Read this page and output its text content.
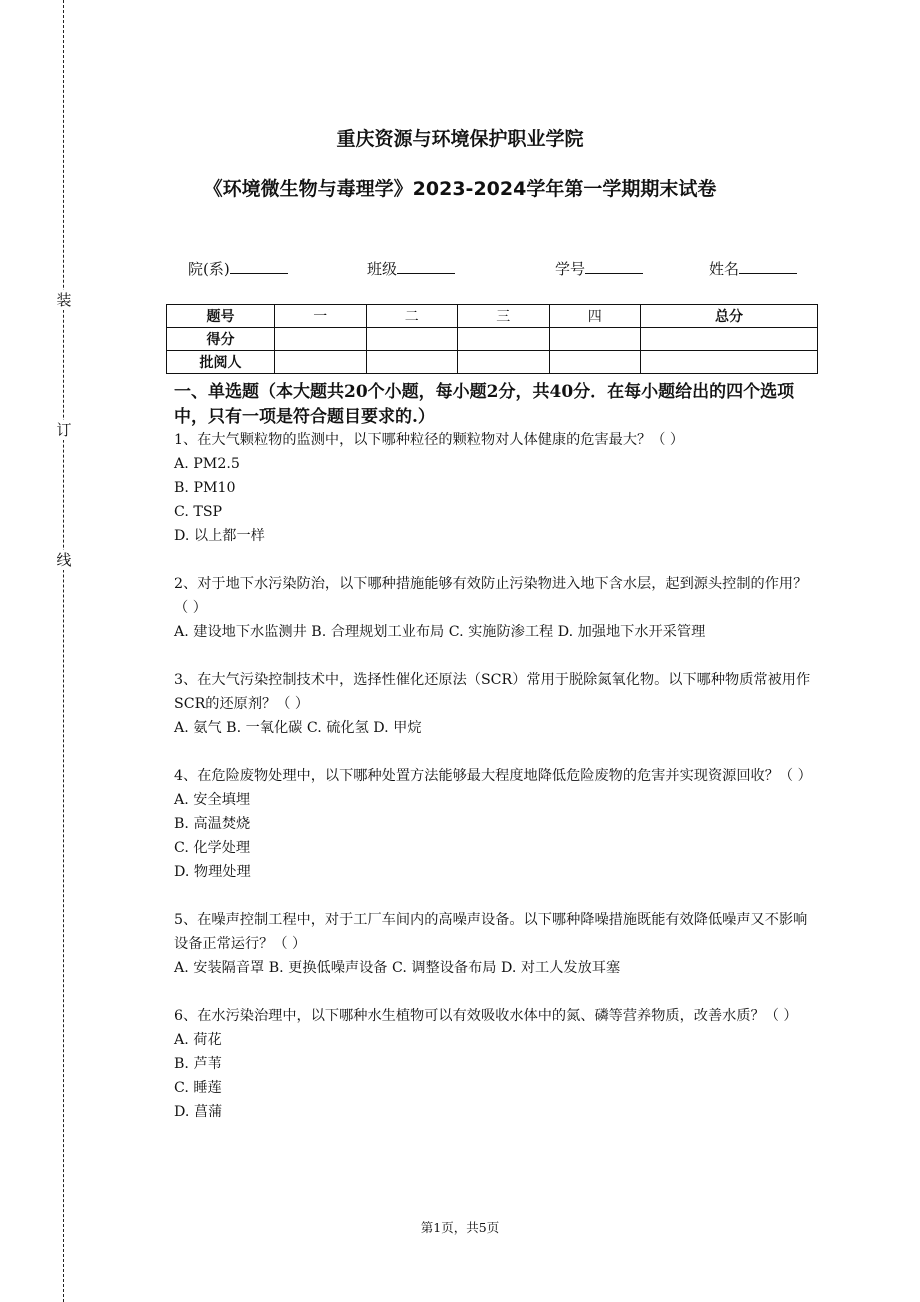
装
订
线
重庆资源与环境保护职业学院
《环境微生物与毒理学》2023-2024学年第一学期期末试卷
院(系)	班级	学号	姓名
题号	一	二	三	四	总分
得分					
批阅人					
一、单选题（本大题共20个小题，每小题2分，共40分．在每小题给出的四个选项中，只有一项是符合题目要求的.）
1、在大气颗粒物的监测中，以下哪种粒径的颗粒物对人体健康的危害最大？（ ）
A. PM2.5
B. PM10
C. TSP
D. 以上都一样
2、对于地下水污染防治，以下哪种措施能够有效防止污染物进入地下含水层，起到源头控制的作用？（ ）
A. 建设地下水监测井 B. 合理规划工业布局 C. 实施防渗工程 D. 加强地下水开采管理
3、在大气污染控制技术中，选择性催化还原法（SCR）常用于脱除氮氧化物。以下哪种物质常被用作SCR的还原剂？（ ）
A. 氨气 B. 一氧化碳 C. 硫化氢 D. 甲烷
4、在危险废物处理中，以下哪种处置方法能够最大程度地降低危险废物的危害并实现资源回收？（ ）
A. 安全填埋
B. 高温焚烧
C. 化学处理
D. 物理处理
5、在噪声控制工程中，对于工厂车间内的高噪声设备。以下哪种降噪措施既能有效降低噪声又不影响设备正常运行？（ ）
A. 安装隔音罩 B. 更换低噪声设备 C. 调整设备布局 D. 对工人发放耳塞
6、在水污染治理中，以下哪种水生植物可以有效吸收水体中的氮、磷等营养物质，改善水质？（ ）
A. 荷花
B. 芦苇
C. 睡莲
D. 菖蒲
第1页，共5页
